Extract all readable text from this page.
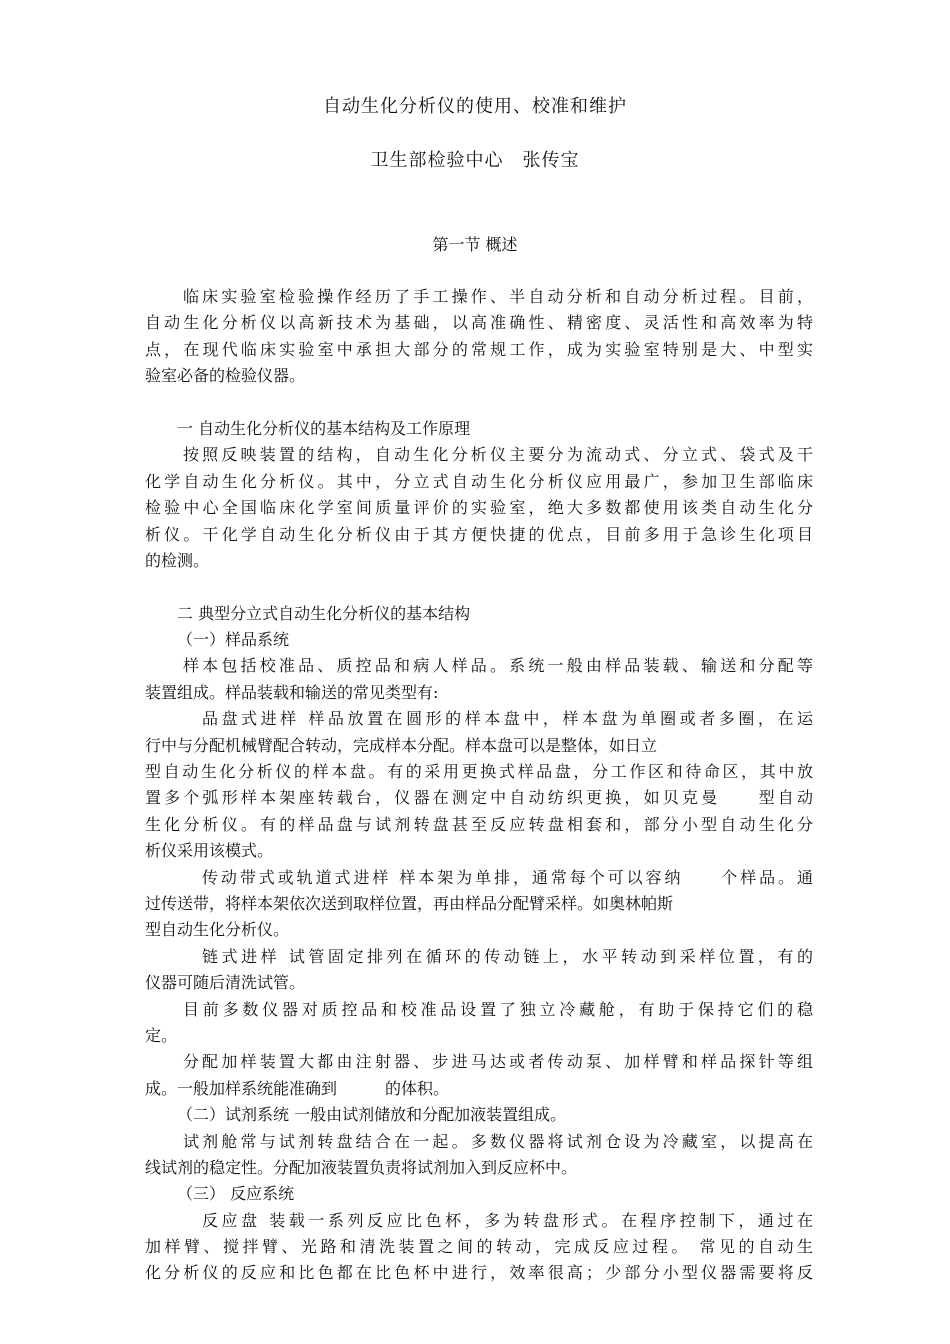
自动生化分析仪的使用、校准和维护
卫生部检验中心　张传宝
第一节 概述
临床实验室检验操作经历了手工操作、半自动分析和自动分析过程。目前，
自动生化分析仪以高新技术为基础，以高准确性、精密度、灵活性和高效率为特
点，在现代临床实验室中承担大部分的常规工作，成为实验室特别是大、中型实
验室必备的检验仪器。
一 自动生化分析仪的基本结构及工作原理
按照反映装置的结构，自动生化分析仪主要分为流动式、分立式、袋式及干
化学自动生化分析仪。其中，分立式自动生化分析仪应用最广，参加卫生部临床
检验中心全国临床化学室间质量评价的实验室，绝大多数都使用该类自动生化分
析仪。干化学自动生化分析仪由于其方便快捷的优点，目前多用于急诊生化项目
的检测。
二 典型分立式自动生化分析仪的基本结构
（一）样品系统
样本包括校准品、质控品和病人样品。系统一般由样品装载、输送和分配等
装置组成。样品装载和输送的常见类型有:
品盘式进样 样品放置在圆形的样本盘中，样本盘为单圈或者多圈，在运
行中与分配机械臂配合转动，完成样本分配。样本盘可以是整体，如日立
型自动生化分析仪的样本盘。有的采用更换式样品盘，分工作区和待命区，其中放
置多个弧形样本架座转载台，仪器在测定中自动纺织更换，如贝克曼　　型自动
生化分析仪。有的样品盘与试剂转盘甚至反应转盘相套和，部分小型自动生化分
析仪采用该模式。
传动带式或轨道式进样 样本架为单排，通常每个可以容纳　　个样品。通
过传送带，将样本架依次送到取样位置，再由样品分配臂采样。如奥林帕斯
型自动生化分析仪。
链式进样 试管固定排列在循环的传动链上，水平转动到采样位置，有的
仪器可随后清洗试管。
目前多数仪器对质控品和校准品设置了独立冷藏舱，有助于保持它们的稳
定。
分配加样装置大都由注射器、步进马达或者传动泵、加样臂和样品探针等组
成。一般加样系统能准确到　　　的体积。
（二）试剂系统 一般由试剂储放和分配加液装置组成。
试剂舱常与试剂转盘结合在一起。多数仪器将试剂仓设为冷藏室，以提高在
线试剂的稳定性。分配加液装置负责将试剂加入到反应杯中。
（三） 反应系统
反应盘 装载一系列反应比色杯，多为转盘形式。在程序控制下，通过在
加样臂、搅拌臂、光路和清洗装置之间的转动，完成反应过程。 常见的自动生
化分析仪的反应和比色都在比色杯中进行，效率很高；少部分小型仪器需要将反
